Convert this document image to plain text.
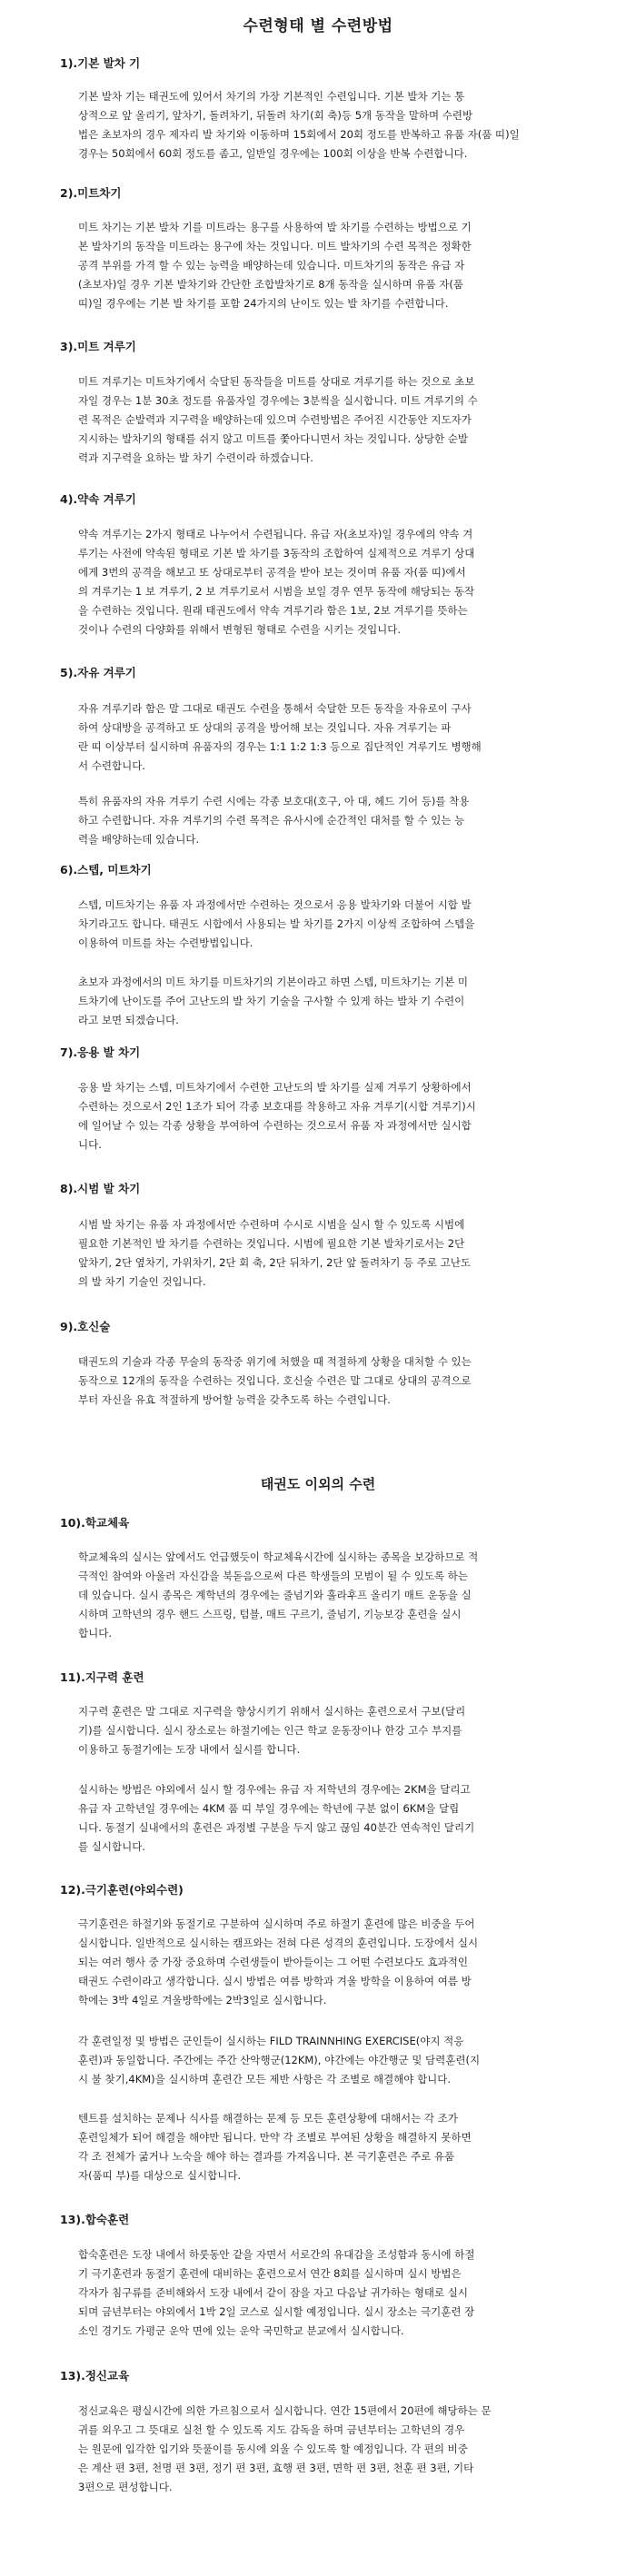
수련형태 별 수련방법
1).기본 발차 기
기본 발차 기는 태권도에 있어서 차기의 가장 기본적인 수련입니다. 기본 발차 기는 통
상적으로 앞 올리기, 앞차기, 돌려차기, 뒤돌려 차기(회 축)등 5개 동작을 말하며 수련방
법은 초보자의 경우 제자리 발 차기와 이동하며 15회에서 20회 정도를 반복하고 유품 자(품 띠)일
경우는 50회에서 60회 정도를 좀고, 일반일 경우에는 100회 이상을 반복 수련합니다.
2).미트차기
미트 차기는 기본 발차 기를 미트라는 용구를 사용하여 발 차기를 수련하는 방법으로 기
본 발차기의 동작을 미트라는 용구에 차는 것입니다. 미트 발차기의 수련 목적은 정확한
공격 부위를 가격 할 수 있는 능력을 배양하는데 있습니다. 미트차기의 동작은 유급 자
(초보자)일 경우 기본 발차기와 간단한 조합발차기로 8개 동작을 실시하며 유품 자(품
띠)일 경우에는 기본 발 차기를 포함 24가지의 난이도 있는 발 차기를 수련합니다.
3).미트 겨루기
미트 겨루기는 미트차기에서 숙달된 동작들을 미트를 상대로 겨루기를 하는 것으로 초보
자일 경우는 1분 30초 정도를 유품자일 경우에는 3분씩을 실시합니다. 미트 겨루기의 수
련 목적은 순발력과 지구력을 배양하는데 있으며 수련방법은 주어진 시간동안 지도자가
지시하는 발차기의 형태를 쉬지 않고 미트를 쫓아다니면서 차는 것입니다. 상당한 순발
력과 지구력을 요하는 발 차기 수련이라 하겠습니다.
4).약속 겨루기
약속 겨루기는 2가지 형태로 나누어서 수련됩니다. 유급 자(초보자)일 경우에의 약속 겨
루기는 사전에 약속된 형태로 기본 발 차기를 3동작의 조합하여 실제적으로 겨루기 상대
에게 3번의 공격을 해보고 또 상대로부터 공격을 받아 보는 것이며 유품 자(품 띠)에서
의 겨루기는 1 보 겨루기, 2 보 겨루기로서 시범을 보일 경우 연무 동작에 해당되는 동작
을 수련하는 것입니다. 원래 태권도에서 약속 겨루기라 함은 1보, 2보 겨루기를 뜻하는
것이나 수련의 다양화를 위해서 변형된 형태로 수련을 시키는 것입니다.
5).자유 겨루기
자유 겨루기라 함은 말 그대로 태권도 수련을 통해서 숙달한 모든 동작을 자유로이 구사
하여 상대방을 공격하고 또 상대의 공격을 방어해 보는 것입니다. 자유 겨루기는 파
란 띠 이상부터 실시하며 유품자의 경우는 1:1 1:2 1:3 등으로 집단적인 겨루기도 병행해
서 수련합니다.
특히 유품자의 자유 겨루기 수련 시에는 각종 보호대(호구, 아 대, 헤드 기어 등)를 착용
하고 수련합니다. 자유 겨루기의 수련 목적은 유사시에 순간적인 대처를 할 수 있는 능
력을 배양하는데 있습니다.
6).스텝, 미트차기
스텝, 미트차기는 유품 자 과정에서만 수련하는 것으로서 응용 발차기와 더불어 시합 발
차기라고도 합니다. 태권도 시합에서 사용되는 발 차기를 2가지 이상씩 조합하여 스텝을
이용하여 미트를 차는 수련방법입니다.
초보자 과정에서의 미트 차기를 미트차기의 기본이라고 하면 스텝, 미트차기는 기본 미
트차기에 난이도를 주어 고난도의 발 차기 기술을 구사할 수 있게 하는 발차 기 수련이
라고 보면 되겠습니다.
7).응용 발 차기
응용 발 차기는 스텝, 미트차기에서 수련한 고난도의 발 차기를 실제 겨루기 상황하에서
수련하는 것으로서 2인 1조가 되어 각종 보호대를 착용하고 자유 겨루기(시합 겨루기)시
에 일어날 수 있는 각종 상황을 부여하여 수련하는 것으로서 유품 자 과정에서만 실시합
니다.
8).시범 발 차기
시범 발 차기는 유품 자 과정에서만 수련하며 수시로 시범을 실시 할 수 있도록 시범에
필요한 기본적인 발 차기를 수련하는 것입니다. 시범에 필요한 기본 발차기로서는 2단
앞차기, 2단 옆차기, 가위차기, 2단 회 축, 2단 뒤차기, 2단 앞 돌려차기 등 주로 고난도
의 발 차기 기술인 것입니다.
9).호신술
태권도의 기술과 각종 무술의 동작중 위기에 처했을 때 적절하게 상황을 대처할 수 있는
동작으로 12개의 동작을 수련하는 것입니다. 호신술 수련은 말 그대로 상대의 공격으로
부터 자신을 유효 적절하게 방어할 능력을 갖추도록 하는 수련입니다.
태권도 이외의 수련
10).학교체육
학교체육의 실시는 앞에서도 언급했듯이 학교체육시간에 실시하는 종목을 보강하므로 적
극적인 참여와 아울러 자신감을 북돋음으로써 다른 학생들의 모범이 될 수 있도록 하는
데 있습니다. 실시 종목은 계학년의 경우에는 줄넘기와 훌라후프 올리기 매트 운동을 실
시하며 고학년의 경우 핸드 스프링, 텀블, 매트 구르기, 줄넘기, 기능보강 훈련을 실시
합니다.
11).지구력 훈련
지구력 훈련은 말 그대로 지구력을 향상시키기 위해서 실시하는 훈련으로서 구보(달리
기)를 실시합니다. 실시 장소로는 하절기에는 인근 학교 운동장이나 한강 고수 부지를
이용하고 동절기에는 도장 내에서 실시를 합니다.
실시하는 방법은 야외에서 실시 할 경우에는 유급 자 저학년의 경우에는 2KM을 달리고
유급 자 고학년일 경우에는 4KM 품 띠 부일 경우에는 학년에 구분 없이 6KM을 달립
니다. 동절기 실내에서의 훈련은 과정별 구분을 두지 않고 끊임 40분간 연속적인 달리기
를 실시합니다.
12).극기훈련(야외수련)
극기훈련은 하절기와 동절기로 구분하여 실시하며 주로 하절기 훈련에 많은 비중을 두어
실시합니다. 일반적으로 실시하는 캠프와는 전혀 다른 성격의 훈련입니다. 도장에서 실시
되는 여러 행사 중 가장 중요하며 수련생들이 받아들이는 그 어떤 수련보다도 효과적인
태권도 수련이라고 생각합니다. 실시 방법은 여름 방학과 겨울 방학을 이용하여 여름 방
학에는 3박 4일로 겨울방학에는 2박3일로 실시합니다.
각 훈련일정 및 방법은 군인들이 실시하는 FILD TRAINNHING EXERCISE(야지 적응
훈련)과 동일합니다. 주간에는 주간 산악행군(12KM), 야간에는 야간행군 및 담력훈련(지
시 불 찾기,4KM)을 실시하며 훈련간 모든 제반 사항은 각 조별로 해결해야 합니다.
텐트를 설치하는 문제나 식사를 해결하는 문제 등 모든 훈련상황에 대해서는 각 조가
훈련일체가 되어 해결을 해야만 됩니다. 만약 각 조별로 부여된 상황을 해결하지 못하면
각 조 전체가 굶거나 노숙을 해야 하는 결과를 가져옵니다. 본 극기훈련은 주로 유품
자(품띠 부)를 대상으로 실시합니다.
13).합숙훈련
합숙훈련은 도장 내에서 하룻동안 같을 자면서 서로간의 유대감을 조성함과 동시에 하절
기 극기훈련과 동절기 훈련에 대비하는 훈련으로서 연간 8회를 실시하며 실시 방법은
각자가 침구류를 준비해와서 도장 내에서 같이 잠을 자고 다음날 귀가하는 형태로 실시
되며 금년부터는 야외에서 1박 2일 코스로 실시할 예정입니다. 실시 장소는 극기훈련 장
소인 경기도 가평군 운악 면에 있는 운악 국민학교 분교에서 실시합니다.
13).정신교육
정신교육은 평실시간에 의한 가르침으로서 실시합니다. 연간 15편에서 20편에 해당하는 문
귀를 외우고 그 뜻대로 실천 할 수 있도록 지도 감독을 하며 금년부터는 고학년의 경우
는 원문에 입각한 입기와 뜻풀이를 동시에 외울 수 있도록 할 예정입니다. 각 편의 비중
은 계산 편 3편, 천명 편 3편, 정기 편 3편, 효행 편 3편, 면학 편 3편, 천훈 편 3편, 기타
3편으로 편성합니다.
